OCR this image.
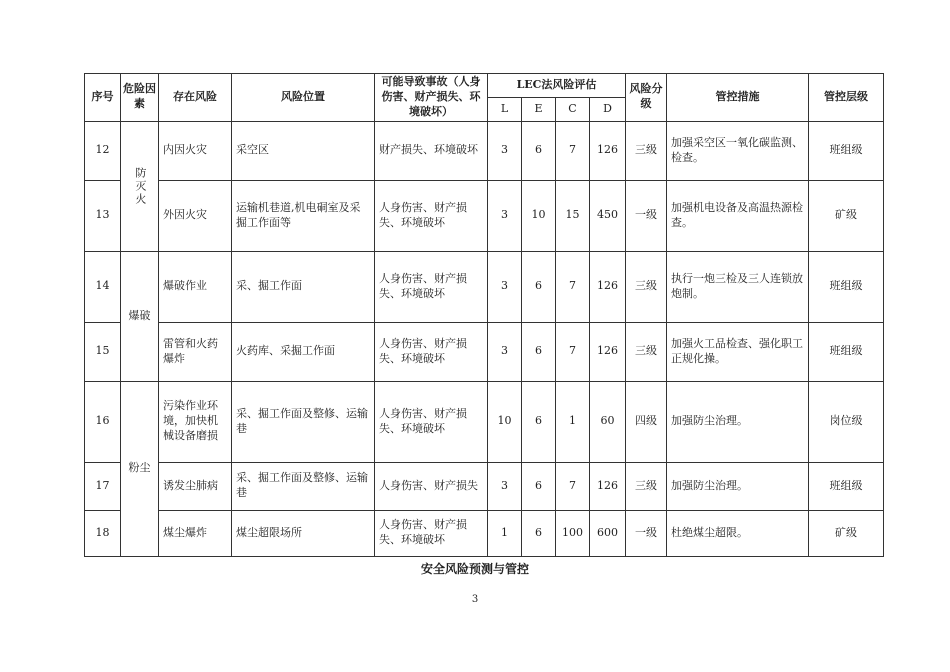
序号	危险因素	存在风险	风险位置	可能导致事故（人身伤害、财产损失、环境破坏）	LEC法风险评估				风险分级	管控措施	管控层级
					L	E	C	D			
12	防灭火	内因火灾	采空区	财产损失、环境破坏	3	6	7	126	三级	加强采空区一氧化碳监测、检查。	班组级
13		外因火灾	运输机巷道,机电硐室及采掘工作面等	人身伤害、财产损失、环境破坏	3	10	15	450	一级	加强机电设备及高温热源检查。	矿级
14	爆破	爆破作业	采、掘工作面	人身伤害、财产损失、环境破坏	3	6	7	126	三级	执行一炮三检及三人连锁放炮制。	班组级
15		雷管和火药爆炸	火药库、采掘工作面	人身伤害、财产损失、环境破坏	3	6	7	126	三级	加强火工品检查、强化职工正规化操。	班组级
16	粉尘	污染作业环境，加快机械设备磨损	采、掘工作面及整修、运输巷	人身伤害、财产损失、环境破坏	10	6	1	60	四级	加强防尘治理。	岗位级
17		诱发尘肺病	采、掘工作面及整修、运输巷	人身伤害、财产损失	3	6	7	126	三级	加强防尘治理。	班组级
18		煤尘爆炸	煤尘超限场所	人身伤害、财产损失、环境破坏	1	6	100	600	一级	杜绝煤尘超限。	矿级
安全风险预测与管控
3
